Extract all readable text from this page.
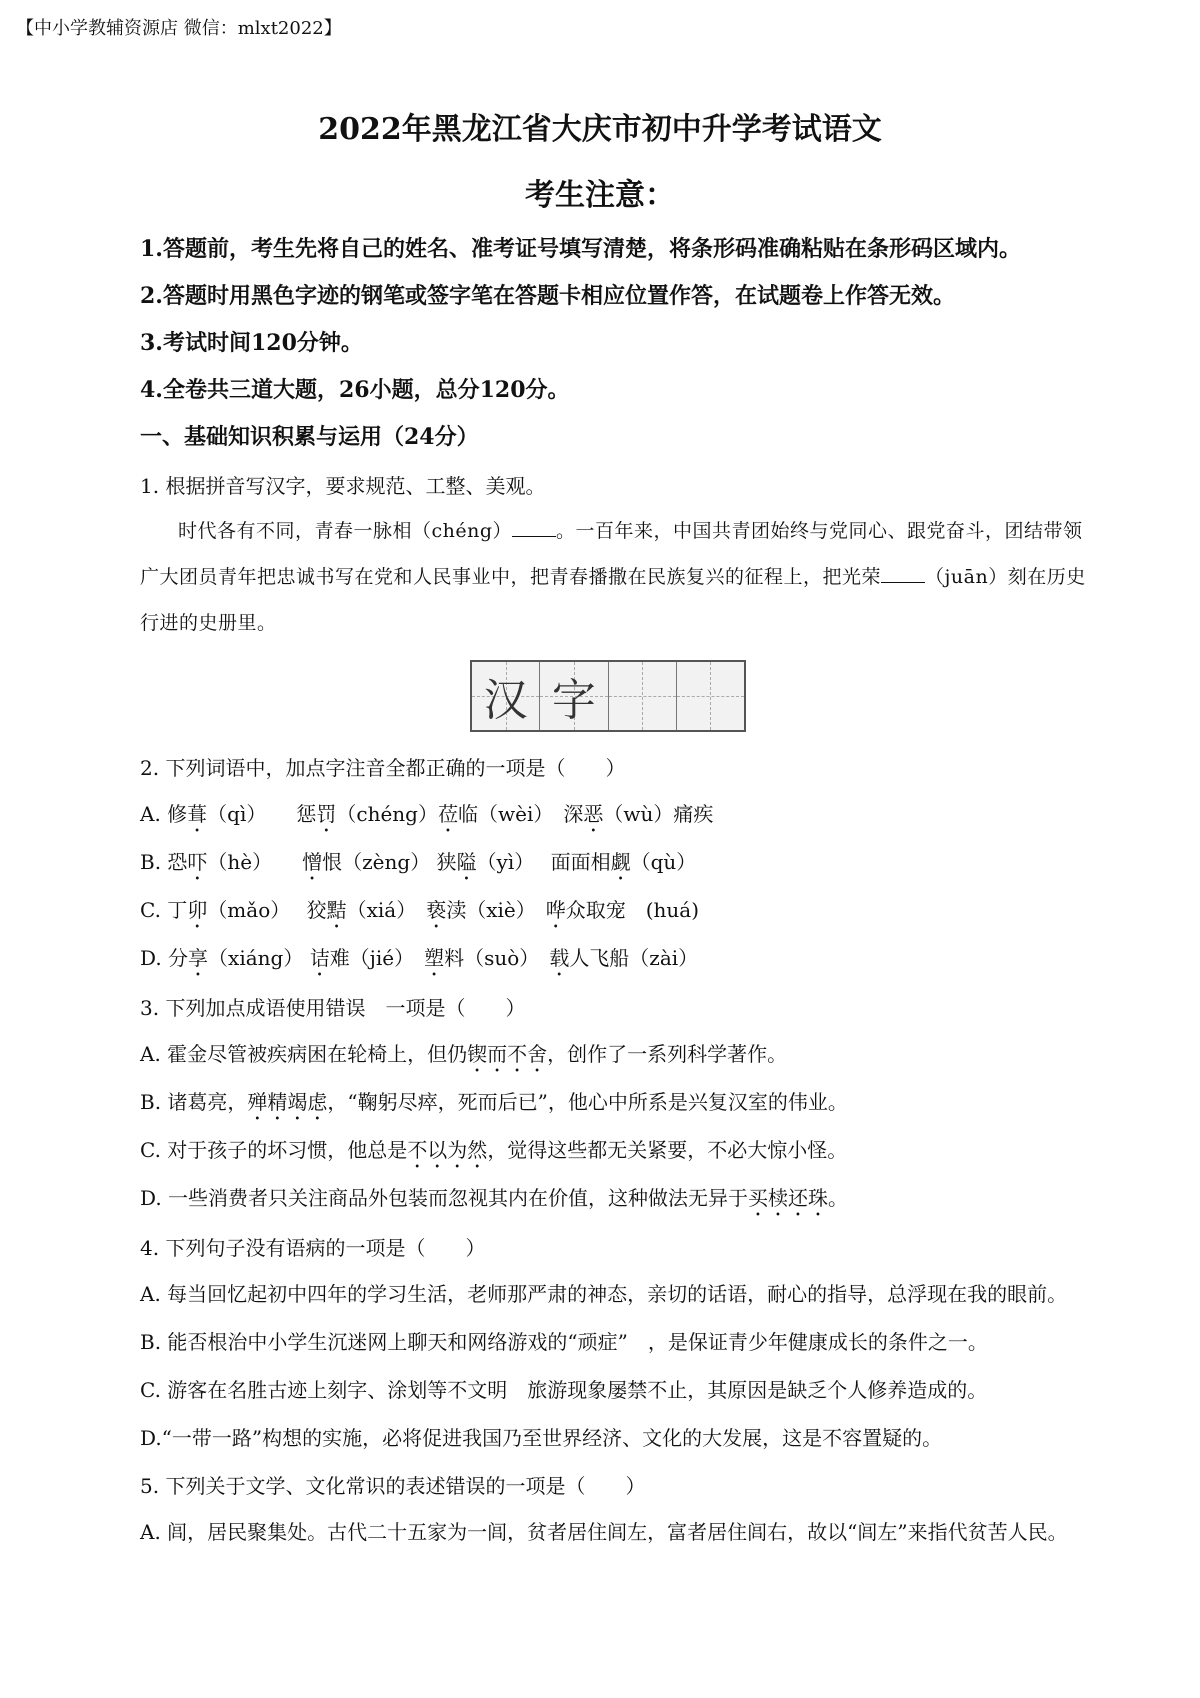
【中小学教辅资源店 微信：mlxt2022】
2022年黑龙江省大庆市初中升学考试语文
考生注意：
1.答题前，考生先将自己的姓名、准考证号填写清楚，将条形码准确粘贴在条形码区域内。
2.答题时用黑色字迹的钢笔或签字笔在答题卡相应位置作答，在试题卷上作答无效。
3.考试时间120分钟。
4.全卷共三道大题，26小题，总分120分。
一、基础知识积累与运用（24分）
1. 根据拼音写汉字，要求规范、工整、美观。
时代各有不同，青春一脉相（chéng） 。一百年来，中国共青团始终与党同心、跟党奋斗，团结带领广大团员青年把忠诚书写在党和人民事业中，把青春播撒在民族复兴的征程上，把光荣 （juān）刻在历史行进的史册里。
汉 字
2. 下列词语中，加点字注音全都正确的一项是（　　）
A. 修葺（qì）　　惩罚（chéng）莅临（wèi）　深恶（wù）痛疾
B. 恐吓（hè）　　憎恨（zèng） 狭隘（yì）　 面面相觑（qù）
C. 丁卯（mǎo）　 狡黠（xiá）　亵渎（xiè）　哗众取宠　(huá)
D. 分享（xiáng） 诘难（jié）　塑料（suò）　载人飞船（zài）
3. 下列加点成语使用错误　一项是（　　）
A. 霍金尽管被疾病困在轮椅上，但仍锲而不舍，创作了一系列科学著作。
B. 诸葛亮，殚精竭虑，“鞠躬尽瘁，死而后已”，他心中所系是兴复汉室的伟业。
C. 对于孩子的坏习惯，他总是不以为然，觉得这些都无关紧要，不必大惊小怪。
D. 一些消费者只关注商品外包装而忽视其内在价值，这种做法无异于买椟还珠。
4. 下列句子没有语病的一项是（　　）
A. 每当回忆起初中四年的学习生活，老师那严肃的神态，亲切的话语，耐心的指导，总浮现在我的眼前。
B. 能否根治中小学生沉迷网上聊天和网络游戏的“顽症”　，是保证青少年健康成长的条件之一。
C. 游客在名胜古迹上刻字、涂划等不文明　旅游现象屡禁不止，其原因是缺乏个人修养造成的。
D.“一带一路”构想的实施，必将促进我国乃至世界经济、文化的大发展，这是不容置疑的。
5. 下列关于文学、文化常识的表述错误的一项是（　　）
A. 闾，居民聚集处。古代二十五家为一闾，贫者居住闾左，富者居住闾右，故以“闾左”来指代贫苦人民。
